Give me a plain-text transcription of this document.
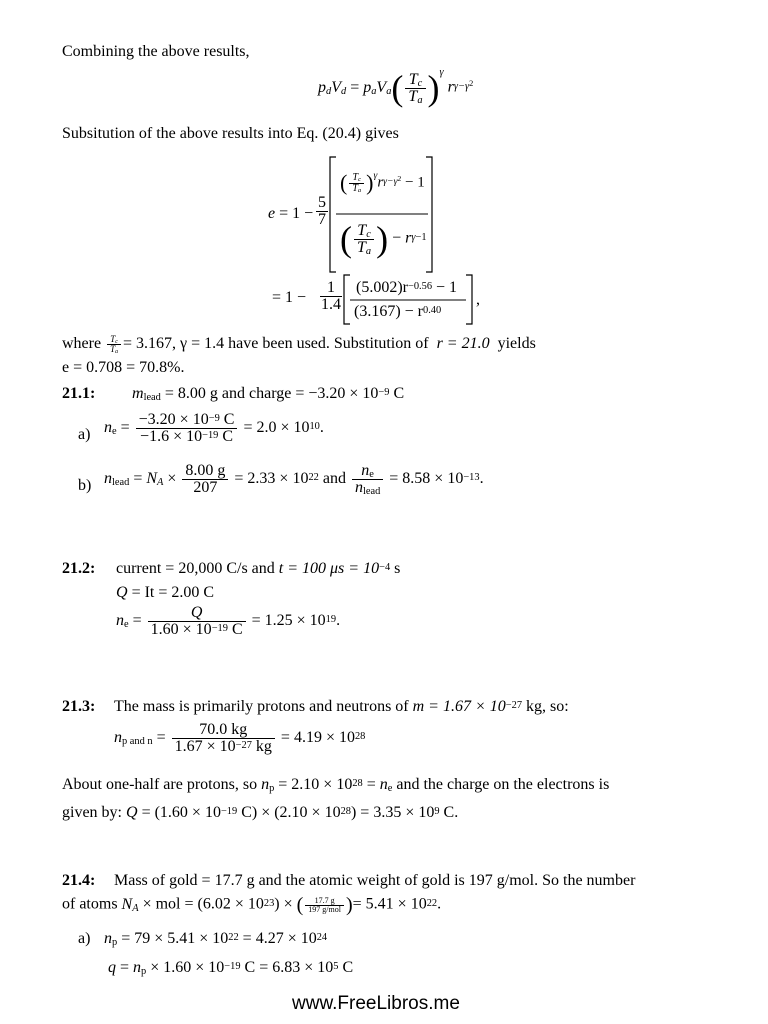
Combining the above results,
$p_dV_d = p_aV_a( \frac{T_c}{T_a} )^\gamma$ $r^{\gamma-\gamma^2}$
Subsitution of the above results into Eq. (20.4) gives
e = 1 −
5
7
( $\frac{T_c}{T_a} )^\gamma r^{\gamma-\gamma^2} - 1$
( $\frac{T_c}{T_a}$ ) − $r^{\gamma-1}$
= 1 −
1
1.4
$(5.002)r^{-0.56} - 1$
$(3.167) - r^{0.40}$
,
where $\frac{T_c}{T_a} = 3.167$, γ = 1.4 have been used. Substitution of r = 21.0 yields
e = 0.708 = 70.8%.
21.1: $m_{lead} = 8.00$ g and charge = $-3.20 \times 10^{-9}$ C
a) $n_e = \frac{-3.20 \times 10^{-9} C}{-1.6 \times 10^{-19} C} = 2.0 \times 10^{10}$.
b) $n_{lead} = N_A \times \frac{8.00 g}{207} = 2.33 \times 10^{22}$ and $\frac{n_e}{n_{lead}} = 8.58 \times 10^{-13}$.
21.2: current = 20,000 C/s and t = 100 $\mu s = 10^{-4}$ s
Q = It = 2.00 C
$n_e = \frac{Q}{1.60 \times 10^{-19} C} = 1.25 \times 10^{19}$.
21.3: The mass is primarily protons and neutrons of $m = 1.67 \times 10^{-27}$ kg, so:
$n_{p and n} = \frac{70.0 kg}{1.67 \times 10^{-27} kg} = 4.19 \times 10^{28}$
About one-half are protons, so $n_p = 2.10 \times 10^{28} = n_e$ and the charge on the electrons is
given by: $Q = (1.60 \times 10^{-19}$ $C) \times (2.10 \times 10^{28}) = 3.35 \times 10^9$ C.
21.4: Mass of gold = 17.7 g and the atomic weight of gold is 197 g/mol. So the number
of atoms $N_A$ × mol = $(6.02 \times 10^{23})$ × ( $\frac{17.7 g}{\text{197 g/mol}}$ )= $5.41 \times 10^{22}$.
a) $n_p = 79 \times 5.41 \times 10^{22} = 4.27 \times 10^{24}$
$q = n_p \times 1.60 \times 10^{-19}$ $C = 6.83 \times 10^5$ C
www.FreeLibros.me
